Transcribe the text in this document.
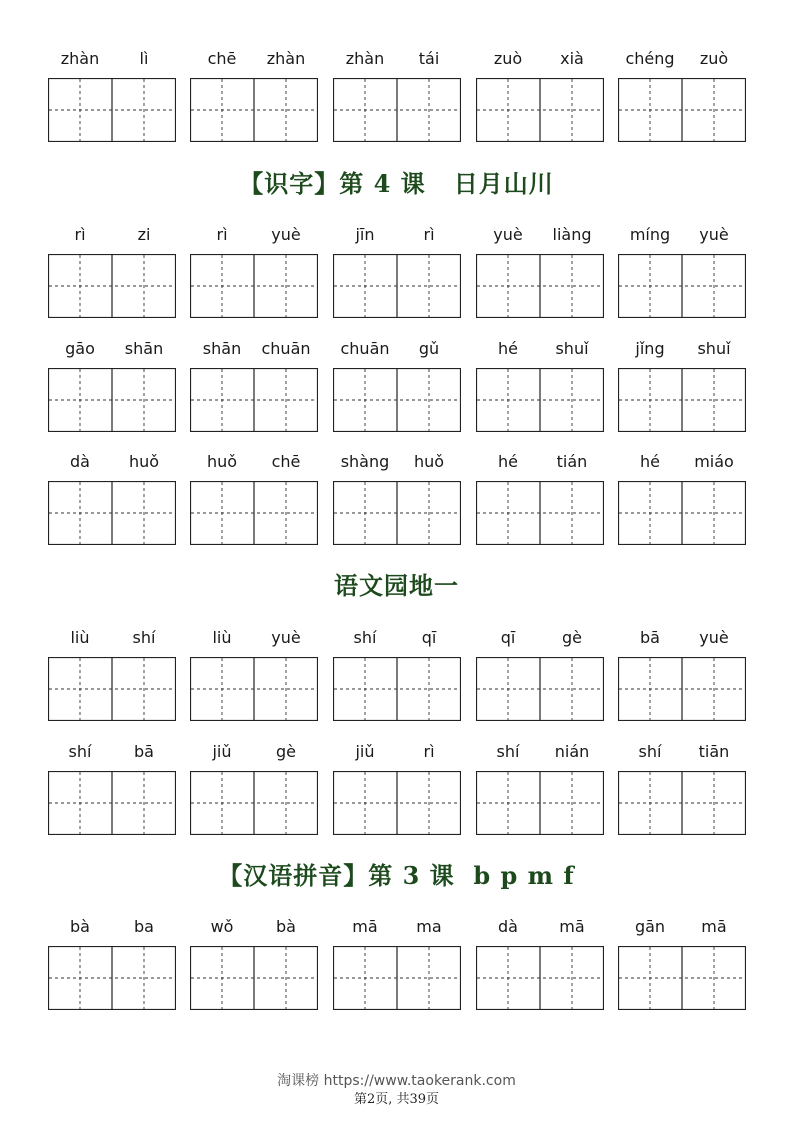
zhàn	lì	chē	zhàn	zhàn	tái	zuò	xià	chéng	zuò
【识字】第 4 课   日月山川
rì	zi	rì	yuè	jīn	rì	yuè	liàng	míng	yuè
gāo	shān	shān	chuān	chuān	gǔ	hé	shuǐ	jǐng	shuǐ
dà	huǒ	huǒ	chē	shàng	huǒ	hé	tián	hé	miáo
语文园地一
liù	shí	liù	yuè	shí	qī	qī	gè	bā	yuè
shí	bā	jiǔ	gè	jiǔ	rì	shí	nián	shí	tiān
【汉语拼音】第 3 课  b p m f
bà	ba	wǒ	bà	mā	ma	dà	mā	gān	mā
淘课榜 https://www.taokerank.com
第2页, 共39页
